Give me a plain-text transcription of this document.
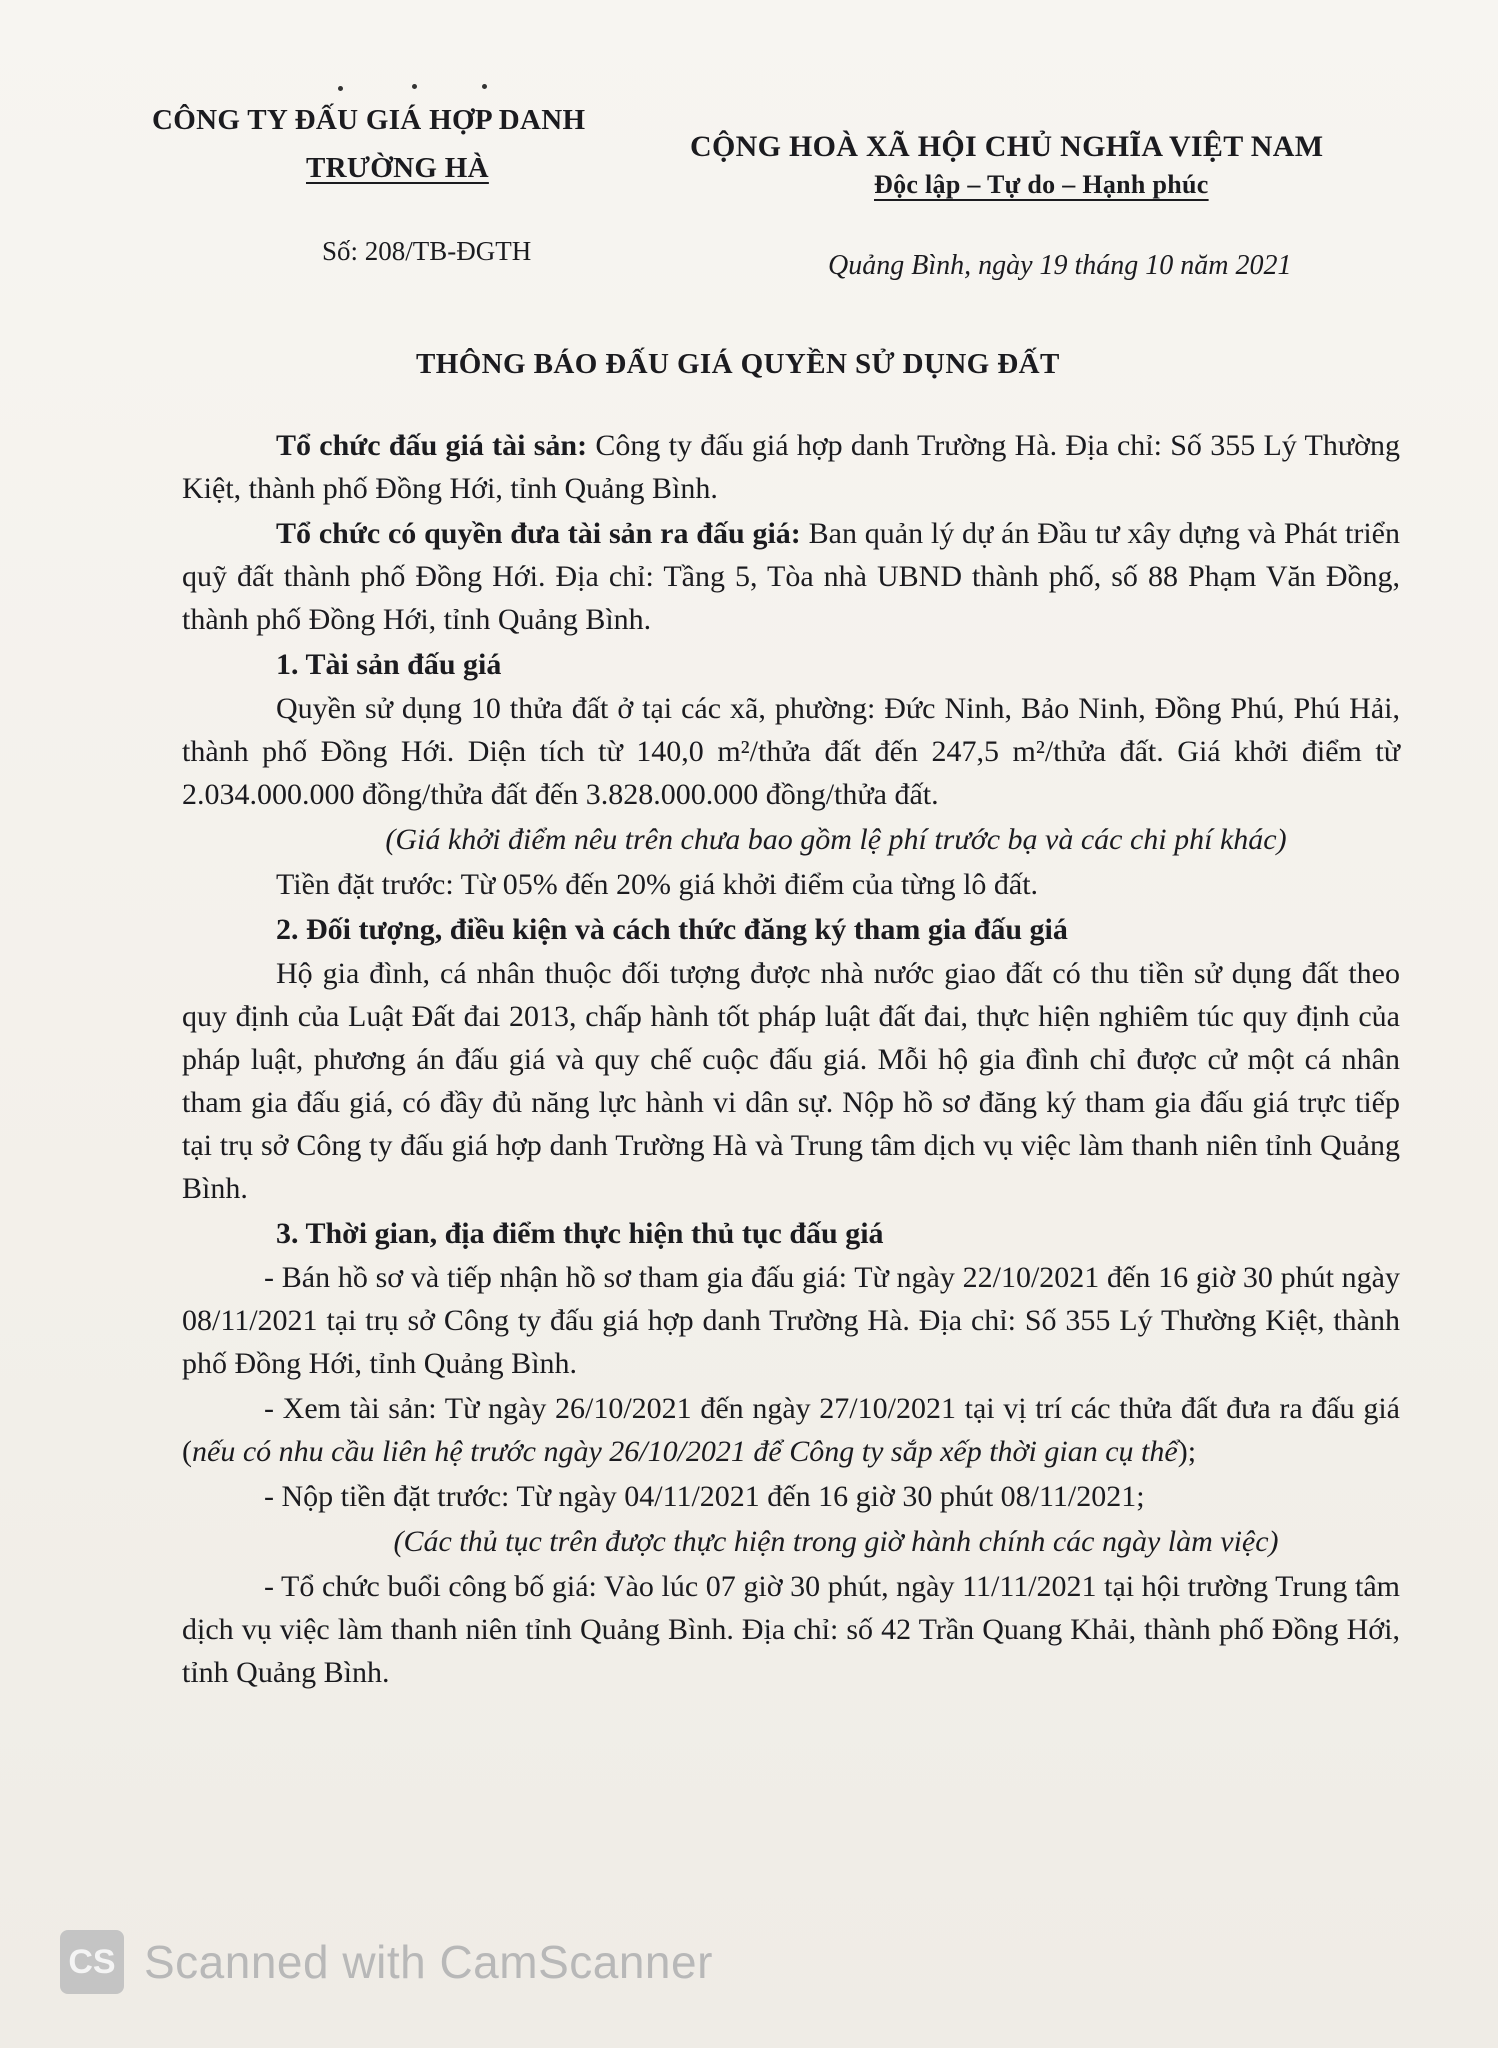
CÔNG TY ĐẤU GIÁ HỢP DANH
TRƯỜNG HÀ
CỘNG HOÀ XÃ HỘI CHỦ NGHĨA VIỆT NAM
Độc lập – Tự do – Hạnh phúc
Số: 208/TB-ĐGTH	Quảng Bình, ngày 19 tháng 10 năm 2021
THÔNG BÁO ĐẤU GIÁ QUYỀN SỬ DỤNG ĐẤT

Tổ chức đấu giá tài sản: Công ty đấu giá hợp danh Trường Hà. Địa chỉ: Số 355 Lý Thường Kiệt, thành phố Đồng Hới, tỉnh Quảng Bình.

Tổ chức có quyền đưa tài sản ra đấu giá: Ban quản lý dự án Đầu tư xây dựng và Phát triển quỹ đất thành phố Đồng Hới. Địa chỉ: Tầng 5, Tòa nhà UBND thành phố, số 88 Phạm Văn Đồng, thành phố Đồng Hới, tỉnh Quảng Bình.

1. Tài sản đấu giá

Quyền sử dụng 10 thửa đất ở tại các xã, phường: Đức Ninh, Bảo Ninh, Đồng Phú, Phú Hải, thành phố Đồng Hới. Diện tích từ 140,0 m²/thửa đất đến 247,5 m²/thửa đất. Giá khởi điểm từ 2.034.000.000 đồng/thửa đất đến 3.828.000.000 đồng/thửa đất.

(Giá khởi điểm nêu trên chưa bao gồm lệ phí trước bạ và các chi phí khác)

Tiền đặt trước: Từ 05% đến 20% giá khởi điểm của từng lô đất.

2. Đối tượng, điều kiện và cách thức đăng ký tham gia đấu giá

Hộ gia đình, cá nhân thuộc đối tượng được nhà nước giao đất có thu tiền sử dụng đất theo quy định của Luật Đất đai 2013, chấp hành tốt pháp luật đất đai, thực hiện nghiêm túc quy định của pháp luật, phương án đấu giá và quy chế cuộc đấu giá. Mỗi hộ gia đình chỉ được cử một cá nhân tham gia đấu giá, có đầy đủ năng lực hành vi dân sự. Nộp hồ sơ đăng ký tham gia đấu giá trực tiếp tại trụ sở Công ty đấu giá hợp danh Trường Hà và Trung tâm dịch vụ việc làm thanh niên tỉnh Quảng Bình.

3. Thời gian, địa điểm thực hiện thủ tục đấu giá

- Bán hồ sơ và tiếp nhận hồ sơ tham gia đấu giá: Từ ngày 22/10/2021 đến 16 giờ 30 phút ngày 08/11/2021 tại trụ sở Công ty đấu giá hợp danh Trường Hà. Địa chỉ: Số 355 Lý Thường Kiệt, thành phố Đồng Hới, tỉnh Quảng Bình.

- Xem tài sản: Từ ngày 26/10/2021 đến ngày 27/10/2021 tại vị trí các thửa đất đưa ra đấu giá (nếu có nhu cầu liên hệ trước ngày 26/10/2021 để Công ty sắp xếp thời gian cụ thể);

- Nộp tiền đặt trước: Từ ngày 04/11/2021 đến 16 giờ 30 phút 08/11/2021;

(Các thủ tục trên được thực hiện trong giờ hành chính các ngày làm việc)

- Tổ chức buổi công bố giá: Vào lúc 07 giờ 30 phút, ngày 11/11/2021 tại hội trường Trung tâm dịch vụ việc làm thanh niên tỉnh Quảng Bình. Địa chỉ: số 42 Trần Quang Khải, thành phố Đồng Hới, tỉnh Quảng Bình.

CS Scanned with CamScanner
